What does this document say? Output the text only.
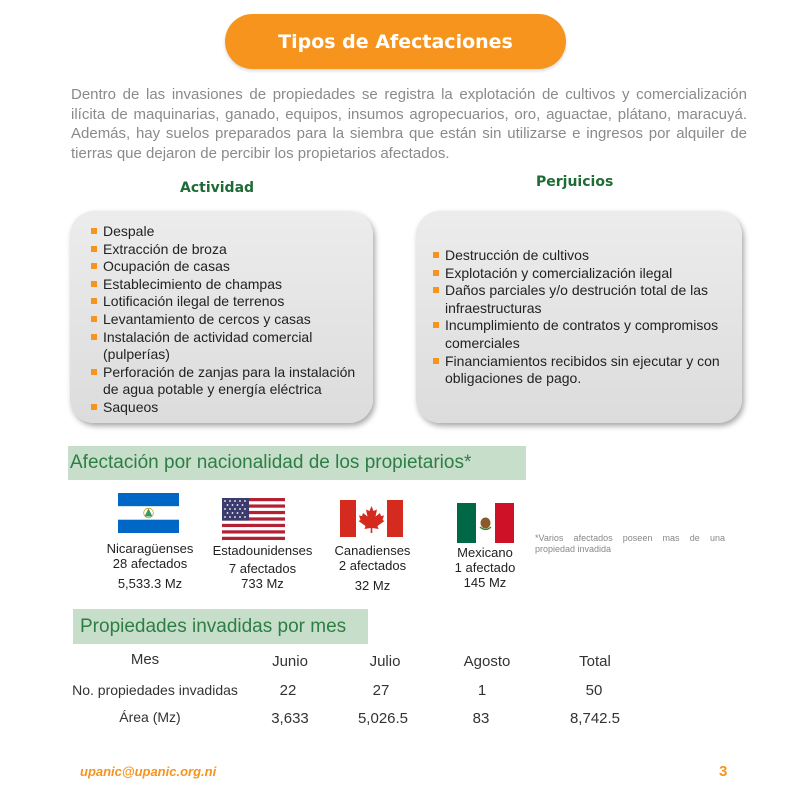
Tipos de Afectaciones
Dentro de las invasiones de propiedades se registra la explotación de cultivos y comercialización ilícita de maquinarias, ganado, equipos, insumos agropecuarios, oro, aguactae, plátano, maracuyá. Además, hay suelos preparados para la siembra que están sin utilizarse e ingresos por alquiler de tierras que dejaron de percibir los propietarios afectados.
Actividad	Perjuicios
Despale
Extracción de broza
Ocupación de casas
Establecimiento de champas
Lotificación ilegal de terrenos
Levantamiento de cercos y casas
Instalación de actividad comercial (pulperías)
Perforación de zanjas para la instalación de agua potable y energía eléctrica
Saqueos
Destrucción de cultivos
Explotación y comercialización ilegal
Daños parciales y/o destrución total de las infraestructuras
Incumplimiento de contratos y compromisos comerciales
Financiamientos recibidos sin ejecutar y con obligaciones de pago.
Afectación por nacionalidad de los propietarios*
Nicaragüenses
28 afectados
5,533.3 Mz
Estadounidenses
7 afectados
733 Mz
Canadienses
2 afectados
32 Mz
Mexicano
1 afectado
145 Mz
*Varios afectados poseen mas de una propiedad invadida
Propiedades invadidas por mes
Mes	Junio	Julio	Agosto	Total
No. propiedades invadidas	22	27	1	50
Área (Mz)	3,633	5,026.5	83	8,742.5
upanic@upanic.org.ni	3
